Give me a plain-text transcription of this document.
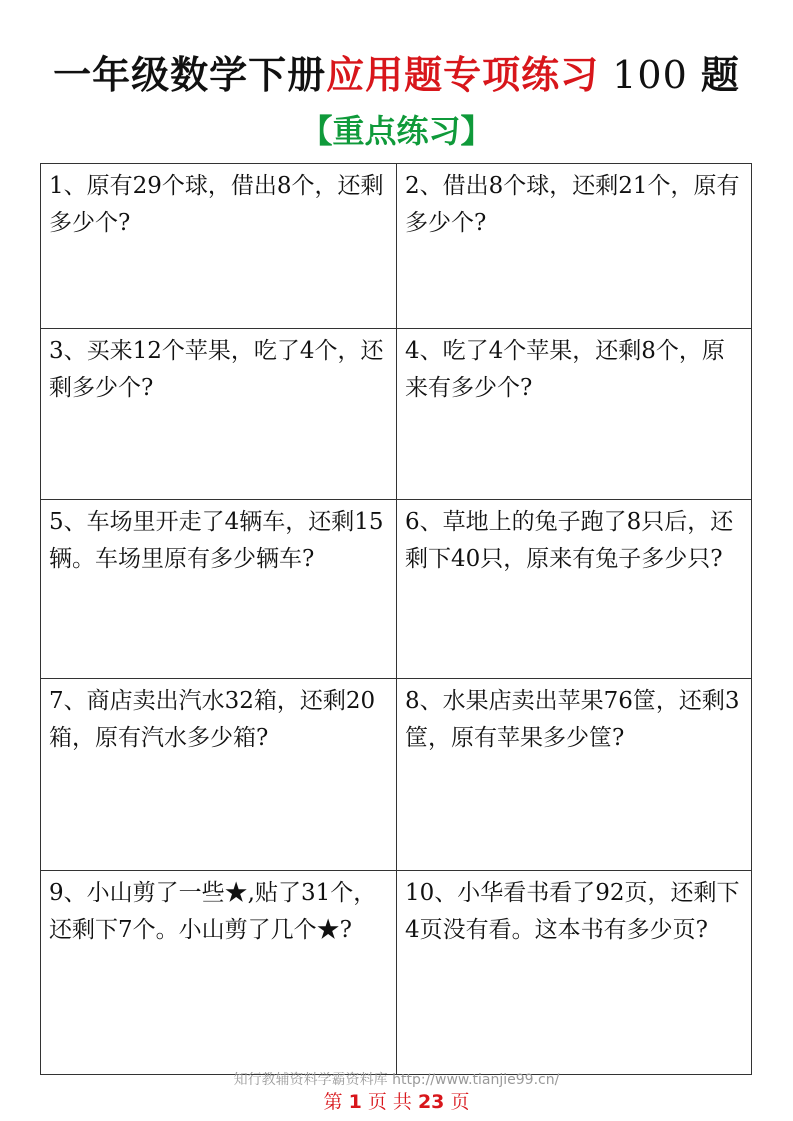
一年级数学下册应用题专项练习 100 题
【重点练习】
1、原有29个球，借出8个，还剩多少个?
2、借出8个球，还剩21个，原有多少个?
3、买来12个苹果，吃了4个，还剩多少个?
4、吃了4个苹果，还剩8个，原来有多少个?
5、车场里开走了4辆车，还剩15辆。车场里原有多少辆车?
6、草地上的兔子跑了8只后，还剩下40只，原来有兔子多少只?
7、商店卖出汽水32箱，还剩20箱，原有汽水多少箱?
8、水果店卖出苹果76筐，还剩3筐，原有苹果多少筐?
9、小山剪了一些★,贴了31个，还剩下7个。小山剪了几个★?
10、小华看书看了92页，还剩下4页没有看。这本书有多少页?
知行教辅资料学霸资料库 http://www.tianjie99.cn/
第 1 页 共 23 页
